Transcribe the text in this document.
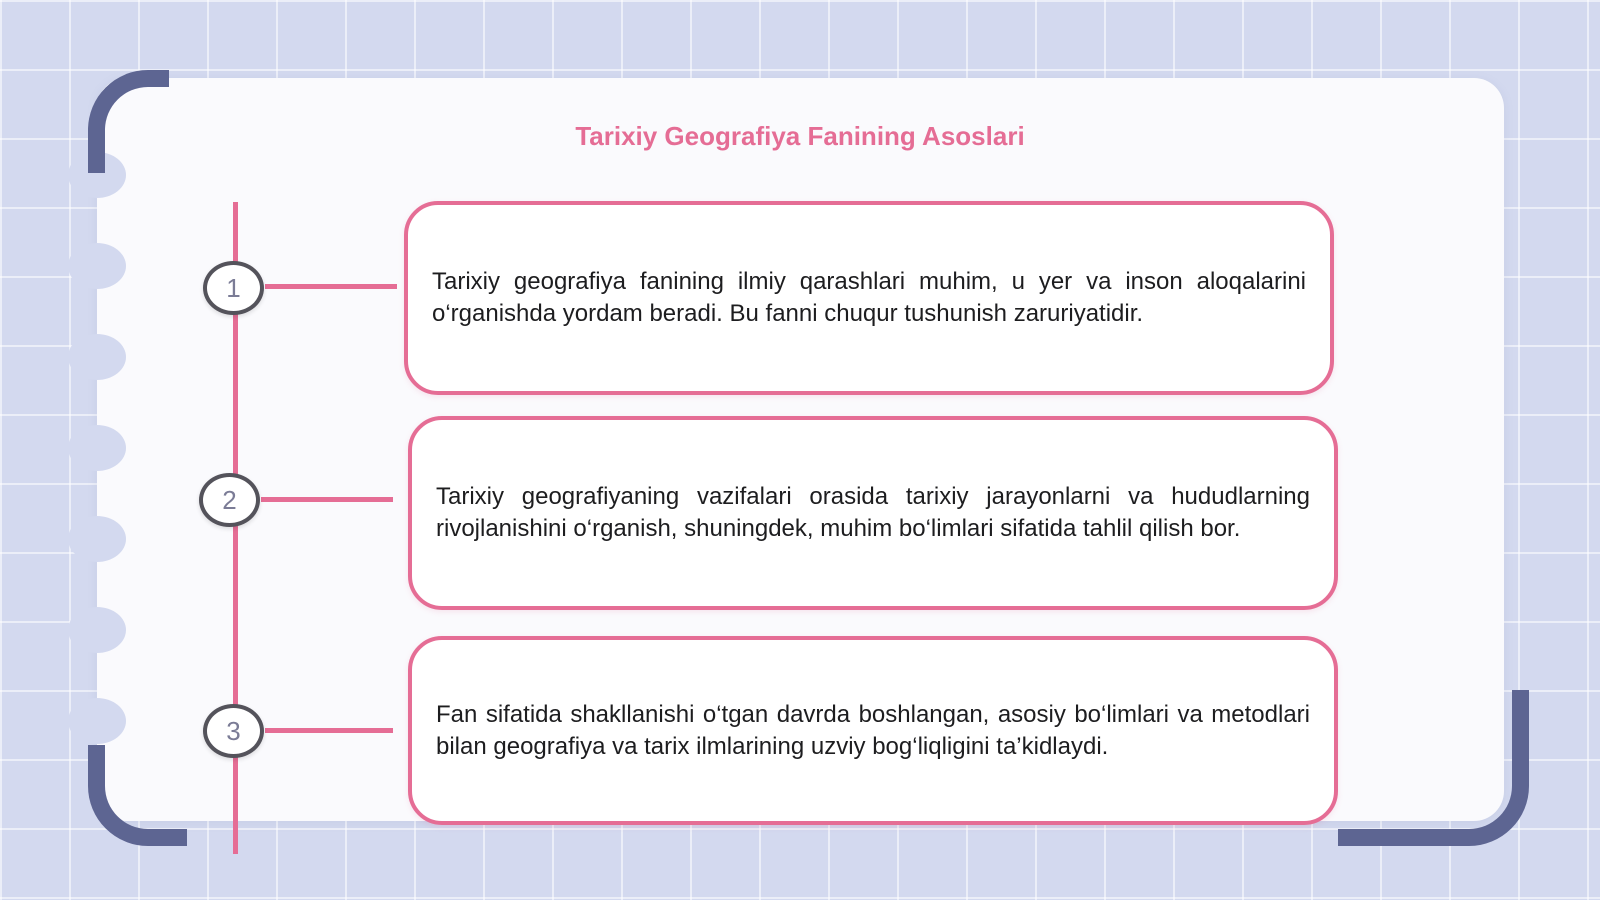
Tarixiy Geografiya Fanining Asoslari
1
2
3

Tarixiy geografiya fanining ilmiy qarashlari muhim, u yer va inson aloqalarini o‘rganishda yordam beradi. Bu fanni chuqur tushunish zaruriyatidir.

Tarixiy geografiyaning vazifalari orasida tarixiy jarayonlarni va hududlarning rivojlanishini o‘rganish, shuningdek, muhim bo‘limlari sifatida tahlil qilish bor.

Fan sifatida shakllanishi o‘tgan davrda boshlangan, asosiy bo‘limlari va metodlari bilan geografiya va tarix ilmlarining uzviy bog‘liqligini ta’kidlaydi.
